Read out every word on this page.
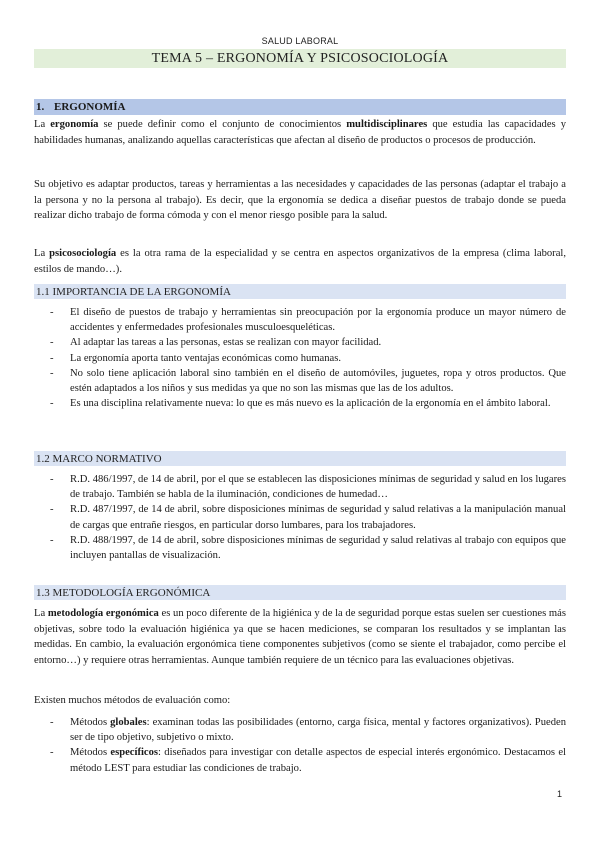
SALUD LABORAL
TEMA 5 – ERGONOMÍA Y PSICOSOCIOLOGÍA
1. ERGONOMÍA

La ergonomía se puede definir como el conjunto de conocimientos multidisciplinares que estudia las capacidades y habilidades humanas, analizando aquellas características que afectan al diseño de productos o procesos de producción.

Su objetivo es adaptar productos, tareas y herramientas a las necesidades y capacidades de las personas (adaptar el trabajo a la persona y no la persona al trabajo). Es decir, que la ergonomía se dedica a diseñar puestos de trabajo donde se pueda realizar dicho trabajo de forma cómoda y con el menor riesgo posible para la salud.

La psicosociología es la otra rama de la especialidad y se centra en aspectos organizativos de la empresa (clima laboral, estilos de mando…).

1.1 IMPORTANCIA DE LA ERGONOMÍA
- El diseño de puestos de trabajo y herramientas sin preocupación por la ergonomía produce un mayor número de accidentes y enfermedades profesionales musculoesqueléticas.
- Al adaptar las tareas a las personas, estas se realizan con mayor facilidad.
- La ergonomía aporta tanto ventajas económicas como humanas.
- No solo tiene aplicación laboral sino también en el diseño de automóviles, juguetes, ropa y otros productos. Que estén adaptados a los niños y sus medidas ya que no son las mismas que las de los adultos.
- Es una disciplina relativamente nueva: lo que es más nuevo es la aplicación de la ergonomía en el ámbito laboral.
1.2 MARCO NORMATIVO
- R.D. 486/1997, de 14 de abril, por el que se establecen las disposiciones mínimas de seguridad y salud en los lugares de trabajo. También se habla de la iluminación, condiciones de humedad…
- R.D. 487/1997, de 14 de abril, sobre disposiciones mínimas de seguridad y salud relativas a la manipulación manual de cargas que entrañe riesgos, en particular dorso lumbares, para los trabajadores.
- R.D. 488/1997, de 14 de abril, sobre disposiciones mínimas de seguridad y salud relativas al trabajo con equipos que incluyen pantallas de visualización.
1.3 METODOLOGÍA ERGONÓMICA

La metodología ergonómica es un poco diferente de la higiénica y de la de seguridad porque estas suelen ser cuestiones más objetivas, sobre todo la evaluación higiénica ya que se hacen mediciones, se comparan los resultados y se implantan las medidas. En cambio, la evaluación ergonómica tiene componentes subjetivos (como se siente el trabajador, como percibe el entorno…) y requiere otras herramientas. Aunque también requiere de un técnico para las evaluaciones objetivas.

Existen muchos métodos de evaluación como:

- Métodos globales: examinan todas las posibilidades (entorno, carga física, mental y factores organizativos). Pueden ser de tipo objetivo, subjetivo o mixto.
- Métodos específicos: diseñados para investigar con detalle aspectos de especial interés ergonómico. Destacamos el método LEST para estudiar las condiciones de trabajo.
1
